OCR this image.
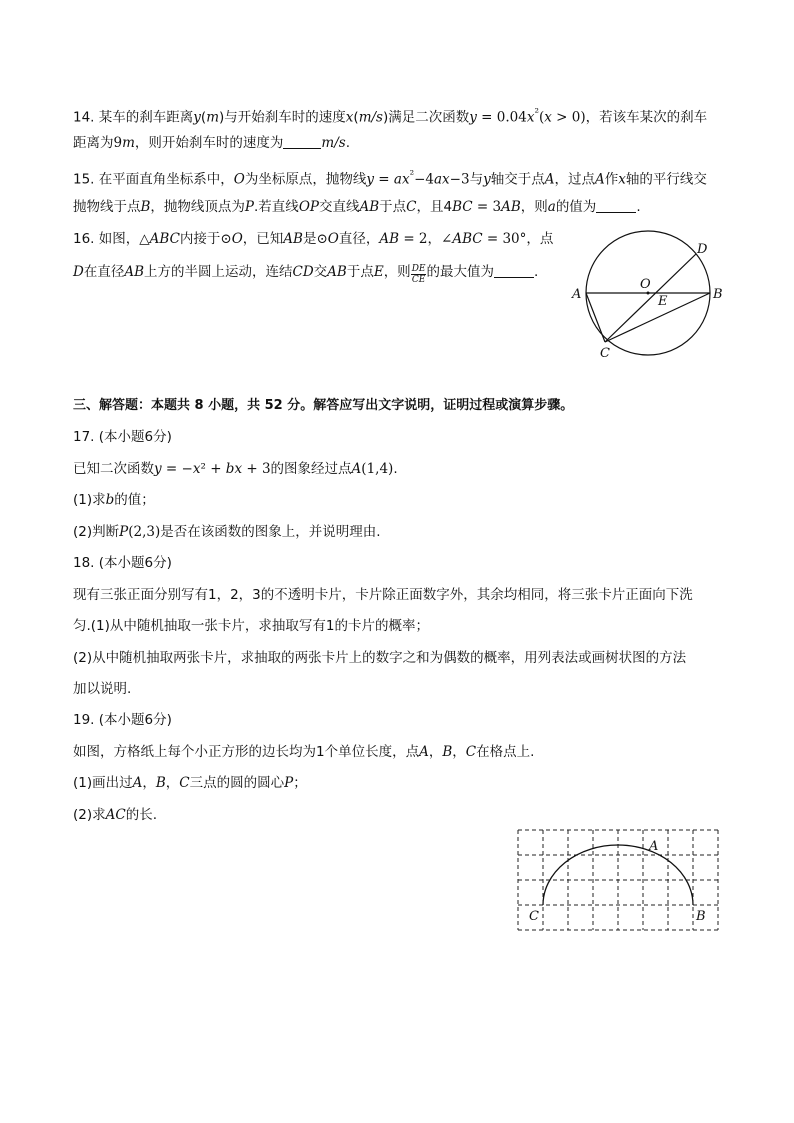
14. 某车的刹车距离y(m)与开始刹车时的速度x(m/s)满足二次函数$y = 0.04x^{^2}(x > 0)$，若该车某次的刹车
距离为9m，则开始刹车时的速度为	m/s.
15. 在平面直角坐标系中，O为坐标原点，抛物线$y = ax^{^2}-4ax-3$与y轴交于点A，过点A作x轴的平行线交
抛物线于点B，抛物线顶点为P.若直线OP交直线AB于点C，且4BC = 3AB，则a的值为	.
16. 如图，△ABC内接于⊙O，已知AB是⊙O直径，AB = 2，∠ABC = 30°，点
D在直径AB上方的半圆上运动，连结CD交AB于点E，则 $\frac{DE}{CE}$ 的最大值为	.
A	B
C
D
O
E
三、解答题：本题共 8 小题，共 52 分。解答应写出文字说明，证明过程或演算步骤。
17. (本小题6分)
已知二次函数y = −x² + bx + 3的图象经过点A(1,4).
(1)求b的值；
(2)判断P(2,3)是否在该函数的图象上，并说明理由.
18. (本小题6分)
现有三张正面分别写有1，2，3的不透明卡片，卡片除正面数字外，其余均相同，将三张卡片正面向下洗
匀.(1)从中随机抽取一张卡片，求抽取写有1的卡片的概率；
(2)从中随机抽取两张卡片，求抽取的两张卡片上的数字之和为偶数的概率，用列表法或画树状图的方法
加以说明.
19. (本小题6分)
如图，方格纸上每个小正方形的边长均为1个单位长度，点A，B，C在格点上.
(1)画出过A，B，C三点的圆的圆心P；
(2)求AC的长.
A
B
C
